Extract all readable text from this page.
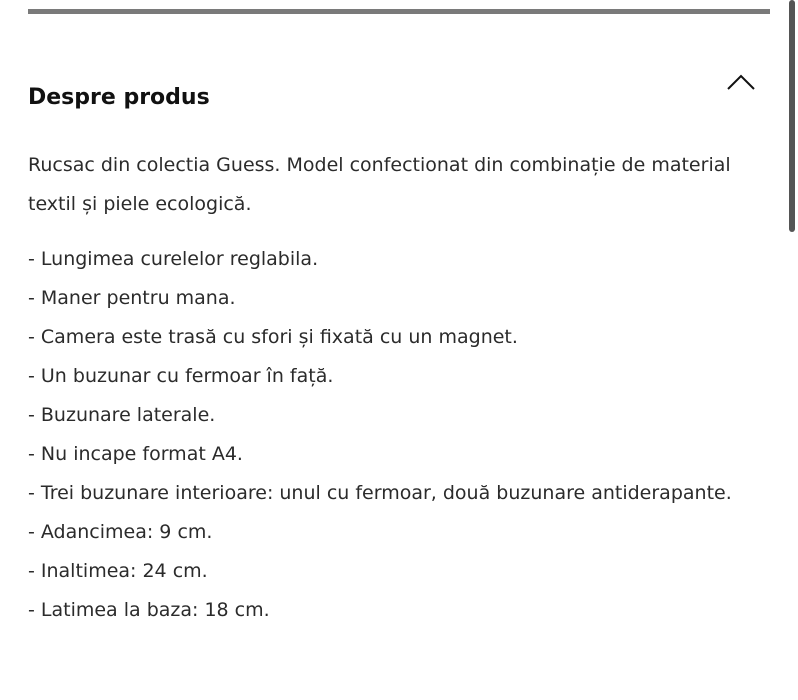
Despre produs

Rucsac din colectia Guess. Model confectionat din combinație de material textil și piele ecologică.

- Lungimea curelelor reglabila.
- Maner pentru mana.
- Camera este trasă cu sfori și fixată cu un magnet.
- Un buzunar cu fermoar în față.
- Buzunare laterale.
- Nu incape format A4.
- Trei buzunare interioare: unul cu fermoar, două buzunare antiderapante.
- Adancimea: 9 cm.
- Inaltimea: 24 cm.
- Latimea la baza: 18 cm.
